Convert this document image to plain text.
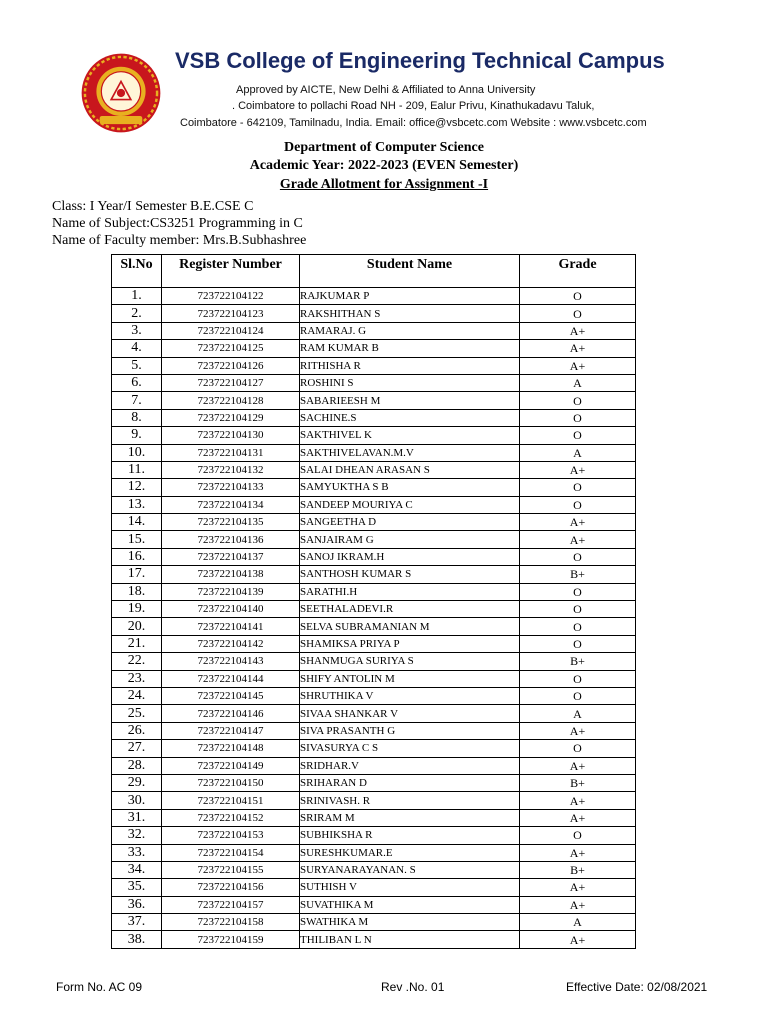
VSB College of Engineering Technical Campus
Approved by AICTE, New Delhi & Affiliated to Anna University
. Coimbatore to pollachi Road NH - 209, Ealur Privu, Kinathukadavu Taluk,
Coimbatore - 642109, Tamilnadu, India. Email: office@vsbcetc.com Website : www.vsbcetc.com
Department of Computer Science
Academic Year: 2022-2023 (EVEN Semester)
Grade Allotment for Assignment -I
Class: I Year/I Semester B.E.CSE C
Name of Subject:CS3251 Programming in C
Name of Faculty member: Mrs.B.Subhashree
Sl.No	Register Number	Student Name	Grade
1.	723722104122	RAJKUMAR P	O
2.	723722104123	RAKSHITHAN S	O
3.	723722104124	RAMARAJ. G	A+
4.	723722104125	RAM KUMAR B	A+
5.	723722104126	RITHISHA R	A+
6.	723722104127	ROSHINI S	A
7.	723722104128	SABARIEESH M	O
8.	723722104129	SACHINE.S	O
9.	723722104130	SAKTHIVEL K	O
10.	723722104131	SAKTHIVELAVAN.M.V	A
11.	723722104132	SALAI DHEAN ARASAN S	A+
12.	723722104133	SAMYUKTHA S B	O
13.	723722104134	SANDEEP MOURIYA C	O
14.	723722104135	SANGEETHA D	A+
15.	723722104136	SANJAIRAM G	A+
16.	723722104137	SANOJ IKRAM.H	O
17.	723722104138	SANTHOSH KUMAR S	B+
18.	723722104139	SARATHI.H	O
19.	723722104140	SEETHALADEVI.R	O
20.	723722104141	SELVA SUBRAMANIAN M	O
21.	723722104142	SHAMIKSA PRIYA P	O
22.	723722104143	SHANMUGA SURIYA S	B+
23.	723722104144	SHIFY ANTOLIN M	O
24.	723722104145	SHRUTHIKA V	O
25.	723722104146	SIVAA SHANKAR V	A
26.	723722104147	SIVA PRASANTH G	A+
27.	723722104148	SIVASURYA C S	O
28.	723722104149	SRIDHAR.V	A+
29.	723722104150	SRIHARAN D	B+
30.	723722104151	SRINIVASH. R	A+
31.	723722104152	SRIRAM M	A+
32.	723722104153	SUBHIKSHA R	O
33.	723722104154	SURESHKUMAR.E	A+
34.	723722104155	SURYANARAYANAN. S	B+
35.	723722104156	SUTHISH V	A+
36.	723722104157	SUVATHIKA M	A+
37.	723722104158	SWATHIKA M	A
38.	723722104159	THILIBAN L N	A+
Form No. AC 09	Rev .No. 01	Effective Date: 02/08/2021
